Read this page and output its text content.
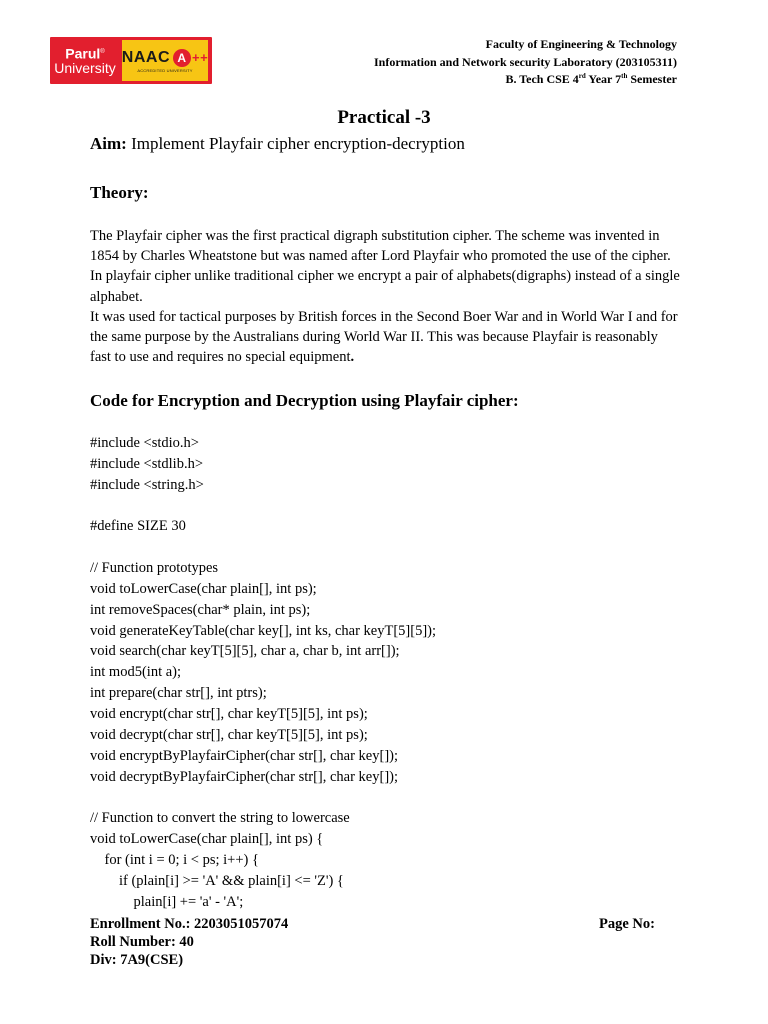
Parul®
University
NAAC A ++
ACCREDITED UNIVERSITY
Faculty of Engineering & Technology
Information and Network security Laboratory (203105311)
B. Tech CSE 4rd Year 7th Semester
Practical -3
Aim: Implement Playfair cipher encryption-decryption
Theory:

The Playfair cipher was the first practical digraph substitution cipher. The scheme was invented in 1854 by Charles Wheatstone but was named after Lord Playfair who promoted the use of the cipher. In playfair cipher unlike traditional cipher we encrypt a pair of alphabets(digraphs) instead of a single alphabet.

It was used for tactical purposes by British forces in the Second Boer War and in World War I and for the same purpose by the Australians during World War II. This was because Playfair is reasonably fast to use and requires no special equipment.

Code for Encryption and Decryption using Playfair cipher:
#include <stdio.h>
#include <stdlib.h>
#include <string.h>
#define SIZE 30
// Function prototypes
void toLowerCase(char plain[], int ps);
int removeSpaces(char* plain, int ps);
void generateKeyTable(char key[], int ks, char keyT[5][5]);
void search(char keyT[5][5], char a, char b, int arr[]);
int mod5(int a);
int prepare(char str[], int ptrs);
void encrypt(char str[], char keyT[5][5], int ps);
void decrypt(char str[], char keyT[5][5], int ps);
void encryptByPlayfairCipher(char str[], char key[]);
void decryptByPlayfairCipher(char str[], char key[]);
// Function to convert the string to lowercase
void toLowerCase(char plain[], int ps) {
for (int i = 0; i < ps; i++) {
if (plain[i] >= 'A' && plain[i] <= 'Z') {
plain[i] += 'a' - 'A';
Enrollment No.: 2203051057074
Roll Number: 40
Div: 7A9(CSE)
Page No:
